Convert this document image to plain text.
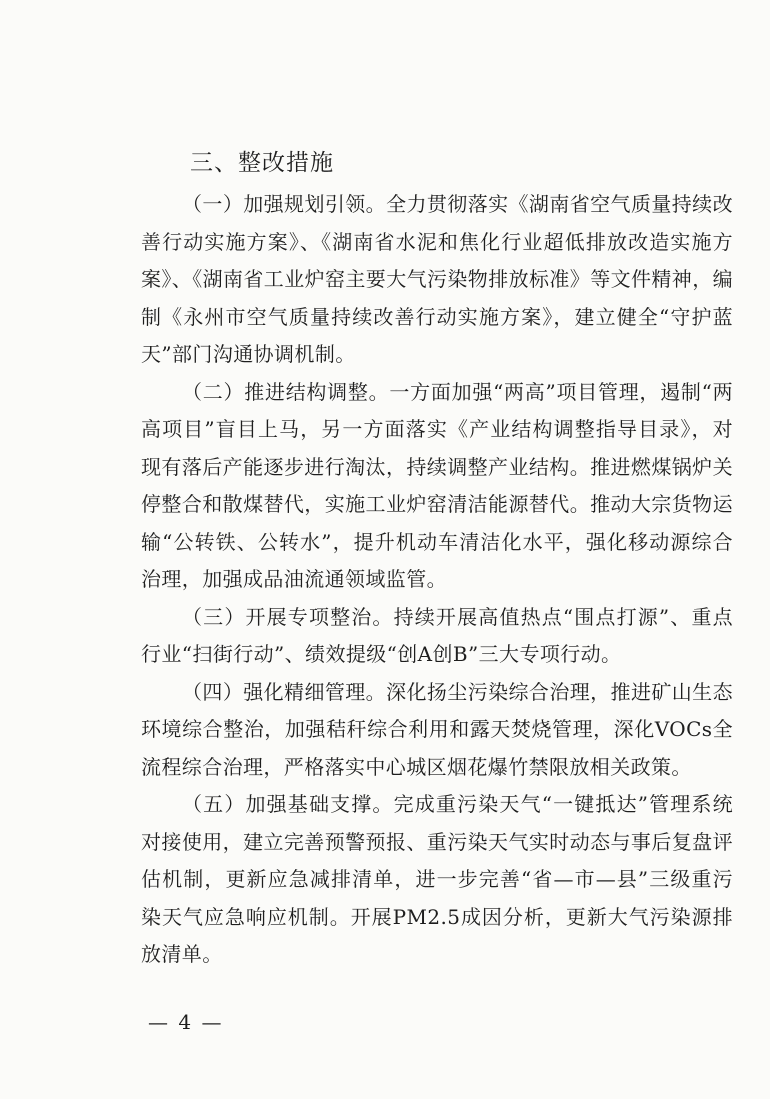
三、整改措施

（一）加强规划引领。全力贯彻落实《湖南省空气质量持续改善行动实施方案》、《湖南省水泥和焦化行业超低排放改造实施方案》、《湖南省工业炉窑主要大气污染物排放标准》等文件精神，编制《永州市空气质量持续改善行动实施方案》，建立健全“守护蓝天”部门沟通协调机制。

（二）推进结构调整。一方面加强“两高”项目管理，遏制“两高项目”盲目上马，另一方面落实《产业结构调整指导目录》，对现有落后产能逐步进行淘汰，持续调整产业结构。推进燃煤锅炉关停整合和散煤替代，实施工业炉窑清洁能源替代。推动大宗货物运输“公转铁、公转水”，提升机动车清洁化水平，强化移动源综合治理，加强成品油流通领域监管。

（三）开展专项整治。持续开展高值热点“围点打源”、重点行业“扫街行动”、绩效提级“创A创B”三大专项行动。

（四）强化精细管理。深化扬尘污染综合治理，推进矿山生态环境综合整治，加强秸秆综合利用和露天焚烧管理，深化VOCs全流程综合治理，严格落实中心城区烟花爆竹禁限放相关政策。

（五）加强基础支撑。完成重污染天气“一键抵达”管理系统对接使用，建立完善预警预报、重污染天气实时动态与事后复盘评估机制，更新应急减排清单，进一步完善“省—市—县”三级重污染天气应急响应机制。开展PM2.5成因分析，更新大气污染源排放清单。

— 4 —
